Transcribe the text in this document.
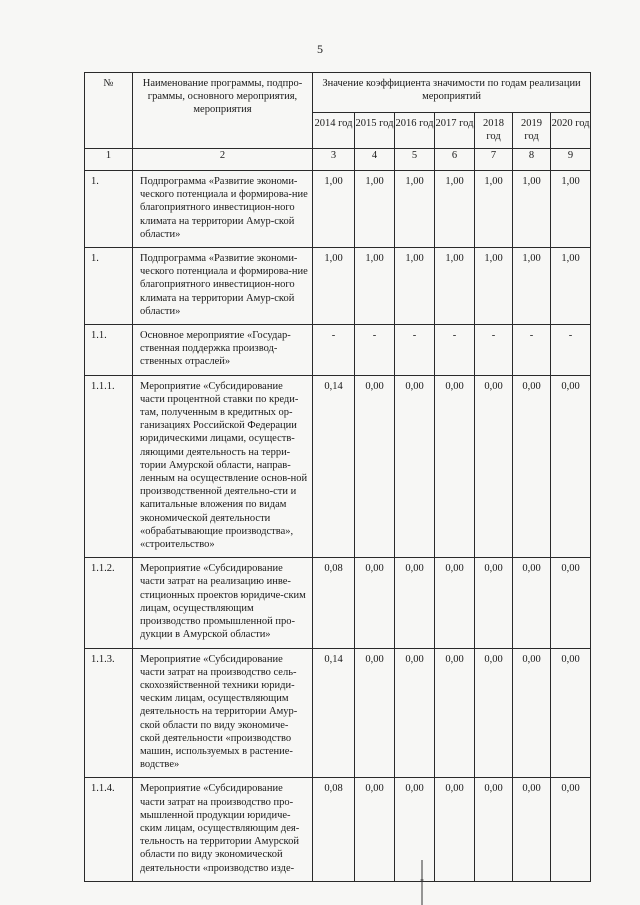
5
№	Наименование программы, подпро-граммы, основного мероприятия, мероприятия	Значение коэффициента значимости по годам реализации мероприятий						
		2014 год	2015 год	2016 год	2017 год	2018 год	2019 год	2020 год
1	2	3	4	5	6	7	8	9
1.	Подпрограмма «Развитие экономи-ческого потенциала и формирова-ние благоприятного инвестицион-ного климата на территории Амур-ской области»	1,00	1,00	1,00	1,00	1,00	1,00	1,00
1.	Подпрограмма «Развитие экономи-ческого потенциала и формирова-ние благоприятного инвестицион-ного климата на территории Амур-ской области»	1,00	1,00	1,00	1,00	1,00	1,00	1,00
1.1.	Основное мероприятие «Государ-ственная поддержка производ-ственных отраслей»	-	-	-	-	-	-	-
1.1.1.	Мероприятие «Субсидирование части процентной ставки по креди-там, полученным в кредитных ор-ганизациях Российской Федерации юридическими лицами, осуществ-ляющими деятельность на терри-тории Амурской области, направ-ленным на осуществление основ-ной производственной деятельно-сти и капитальные вложения по видам экономической деятельности «обрабатывающие производства», «строительство»	0,14	0,00	0,00	0,00	0,00	0,00	0,00
1.1.2.	Мероприятие «Субсидирование части затрат на реализацию инве-стиционных проектов юридиче-ским лицам, осуществляющим производство промышленной про-дукции в Амурской области»	0,08	0,00	0,00	0,00	0,00	0,00	0,00
1.1.3.	Мероприятие «Субсидирование части затрат на производство сель-скохозяйственной техники юриди-ческим лицам, осуществляющим деятельность на территории Амур-ской области по виду экономиче-ской деятельности «производство машин, используемых в растение-водстве»	0,14	0,00	0,00	0,00	0,00	0,00	0,00
1.1.4.	Мероприятие «Субсидирование части затрат на производство про-мышленной продукции юридиче-ским лицам, осуществляющим дея-тельность на территории Амурской области по виду экономической деятельности «производство изде-	0,08	0,00	0,00	0,00	0,00	0,00	0,00
